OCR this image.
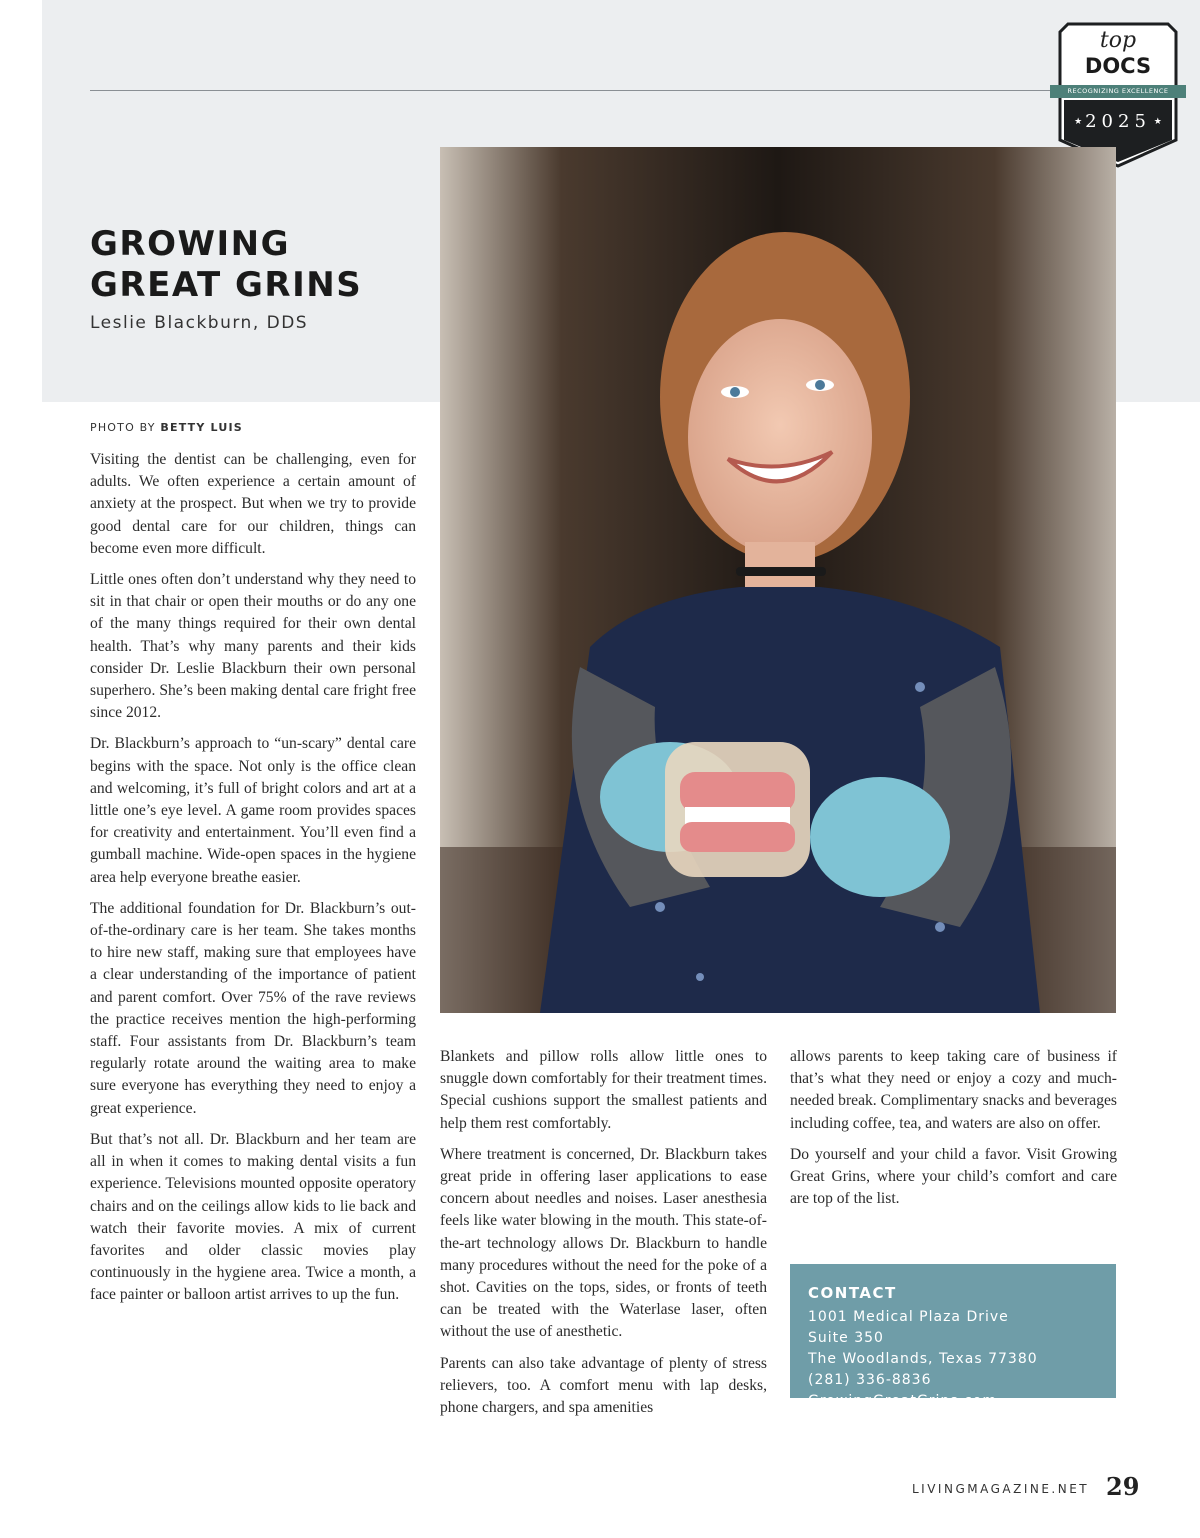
top
DOCS
RECOGNIZING EXCELLENCE
★ 2025 ★
GROWING
GREAT GRINS
Leslie Blackburn, DDS
PHOTO BY BETTY LUIS

Visiting the dentist can be challenging, even for adults. We often experience a certain amount of anxiety at the prospect. But when we try to provide good dental care for our children, things can become even more difficult.

Little ones often don’t understand why they need to sit in that chair or open their mouths or do any one of the many things required for their own dental health. That’s why many parents and their kids consider Dr. Leslie Blackburn their own personal superhero. She’s been making dental care fright free since 2012.

Dr. Blackburn’s approach to “un-scary” dental care begins with the space. Not only is the office clean and welcoming, it’s full of bright colors and art at a little one’s eye level. A game room provides spaces for creativity and entertainment. You’ll even find a gumball machine. Wide-open spaces in the hygiene area help everyone breathe easier.

The additional foundation for Dr. Blackburn’s out-of-the-ordinary care is her team. She takes months to hire new staff, making sure that employees have a clear understanding of the importance of patient and parent comfort. Over 75% of the rave reviews the practice receives mention the high-performing staff. Four assistants from Dr. Blackburn’s team regularly rotate around the waiting area to make sure everyone has everything they need to enjoy a great experience.

But that’s not all. Dr. Blackburn and her team are all in when it comes to making dental visits a fun experience. Televisions mounted opposite operatory chairs and on the ceilings allow kids to lie back and watch their favorite movies. A mix of current favorites and older classic movies play continuously in the hygiene area. Twice a month, a face painter or balloon artist arrives to up the fun.

Blankets and pillow rolls allow little ones to snuggle down comfortably for their treatment times. Special cushions support the smallest patients and help them rest comfortably.

Where treatment is concerned, Dr. Blackburn takes great pride in offering laser applications to ease concern about needles and noises. Laser anesthesia feels like water blowing in the mouth. This state-of-the-art technology allows Dr. Blackburn to handle many procedures without the need for the poke of a shot. Cavities on the tops, sides, or fronts of teeth can be treated with the Waterlase laser, often without the use of anesthetic.

Parents can also take advantage of plenty of stress relievers, too. A comfort menu with lap desks, phone chargers, and spa amenities

allows parents to keep taking care of business if that’s what they need or enjoy a cozy and much-needed break. Complimentary snacks and beverages including coffee, tea, and waters are also on offer.

Do yourself and your child a favor. Visit Growing Great Grins, where your child’s comfort and care are top of the list.

CONTACT
1001 Medical Plaza Drive
Suite 350
The Woodlands, Texas 77380
(281) 336-8836
GrowingGreatGrins.com
LIVINGMAGAZINE.NET 29
